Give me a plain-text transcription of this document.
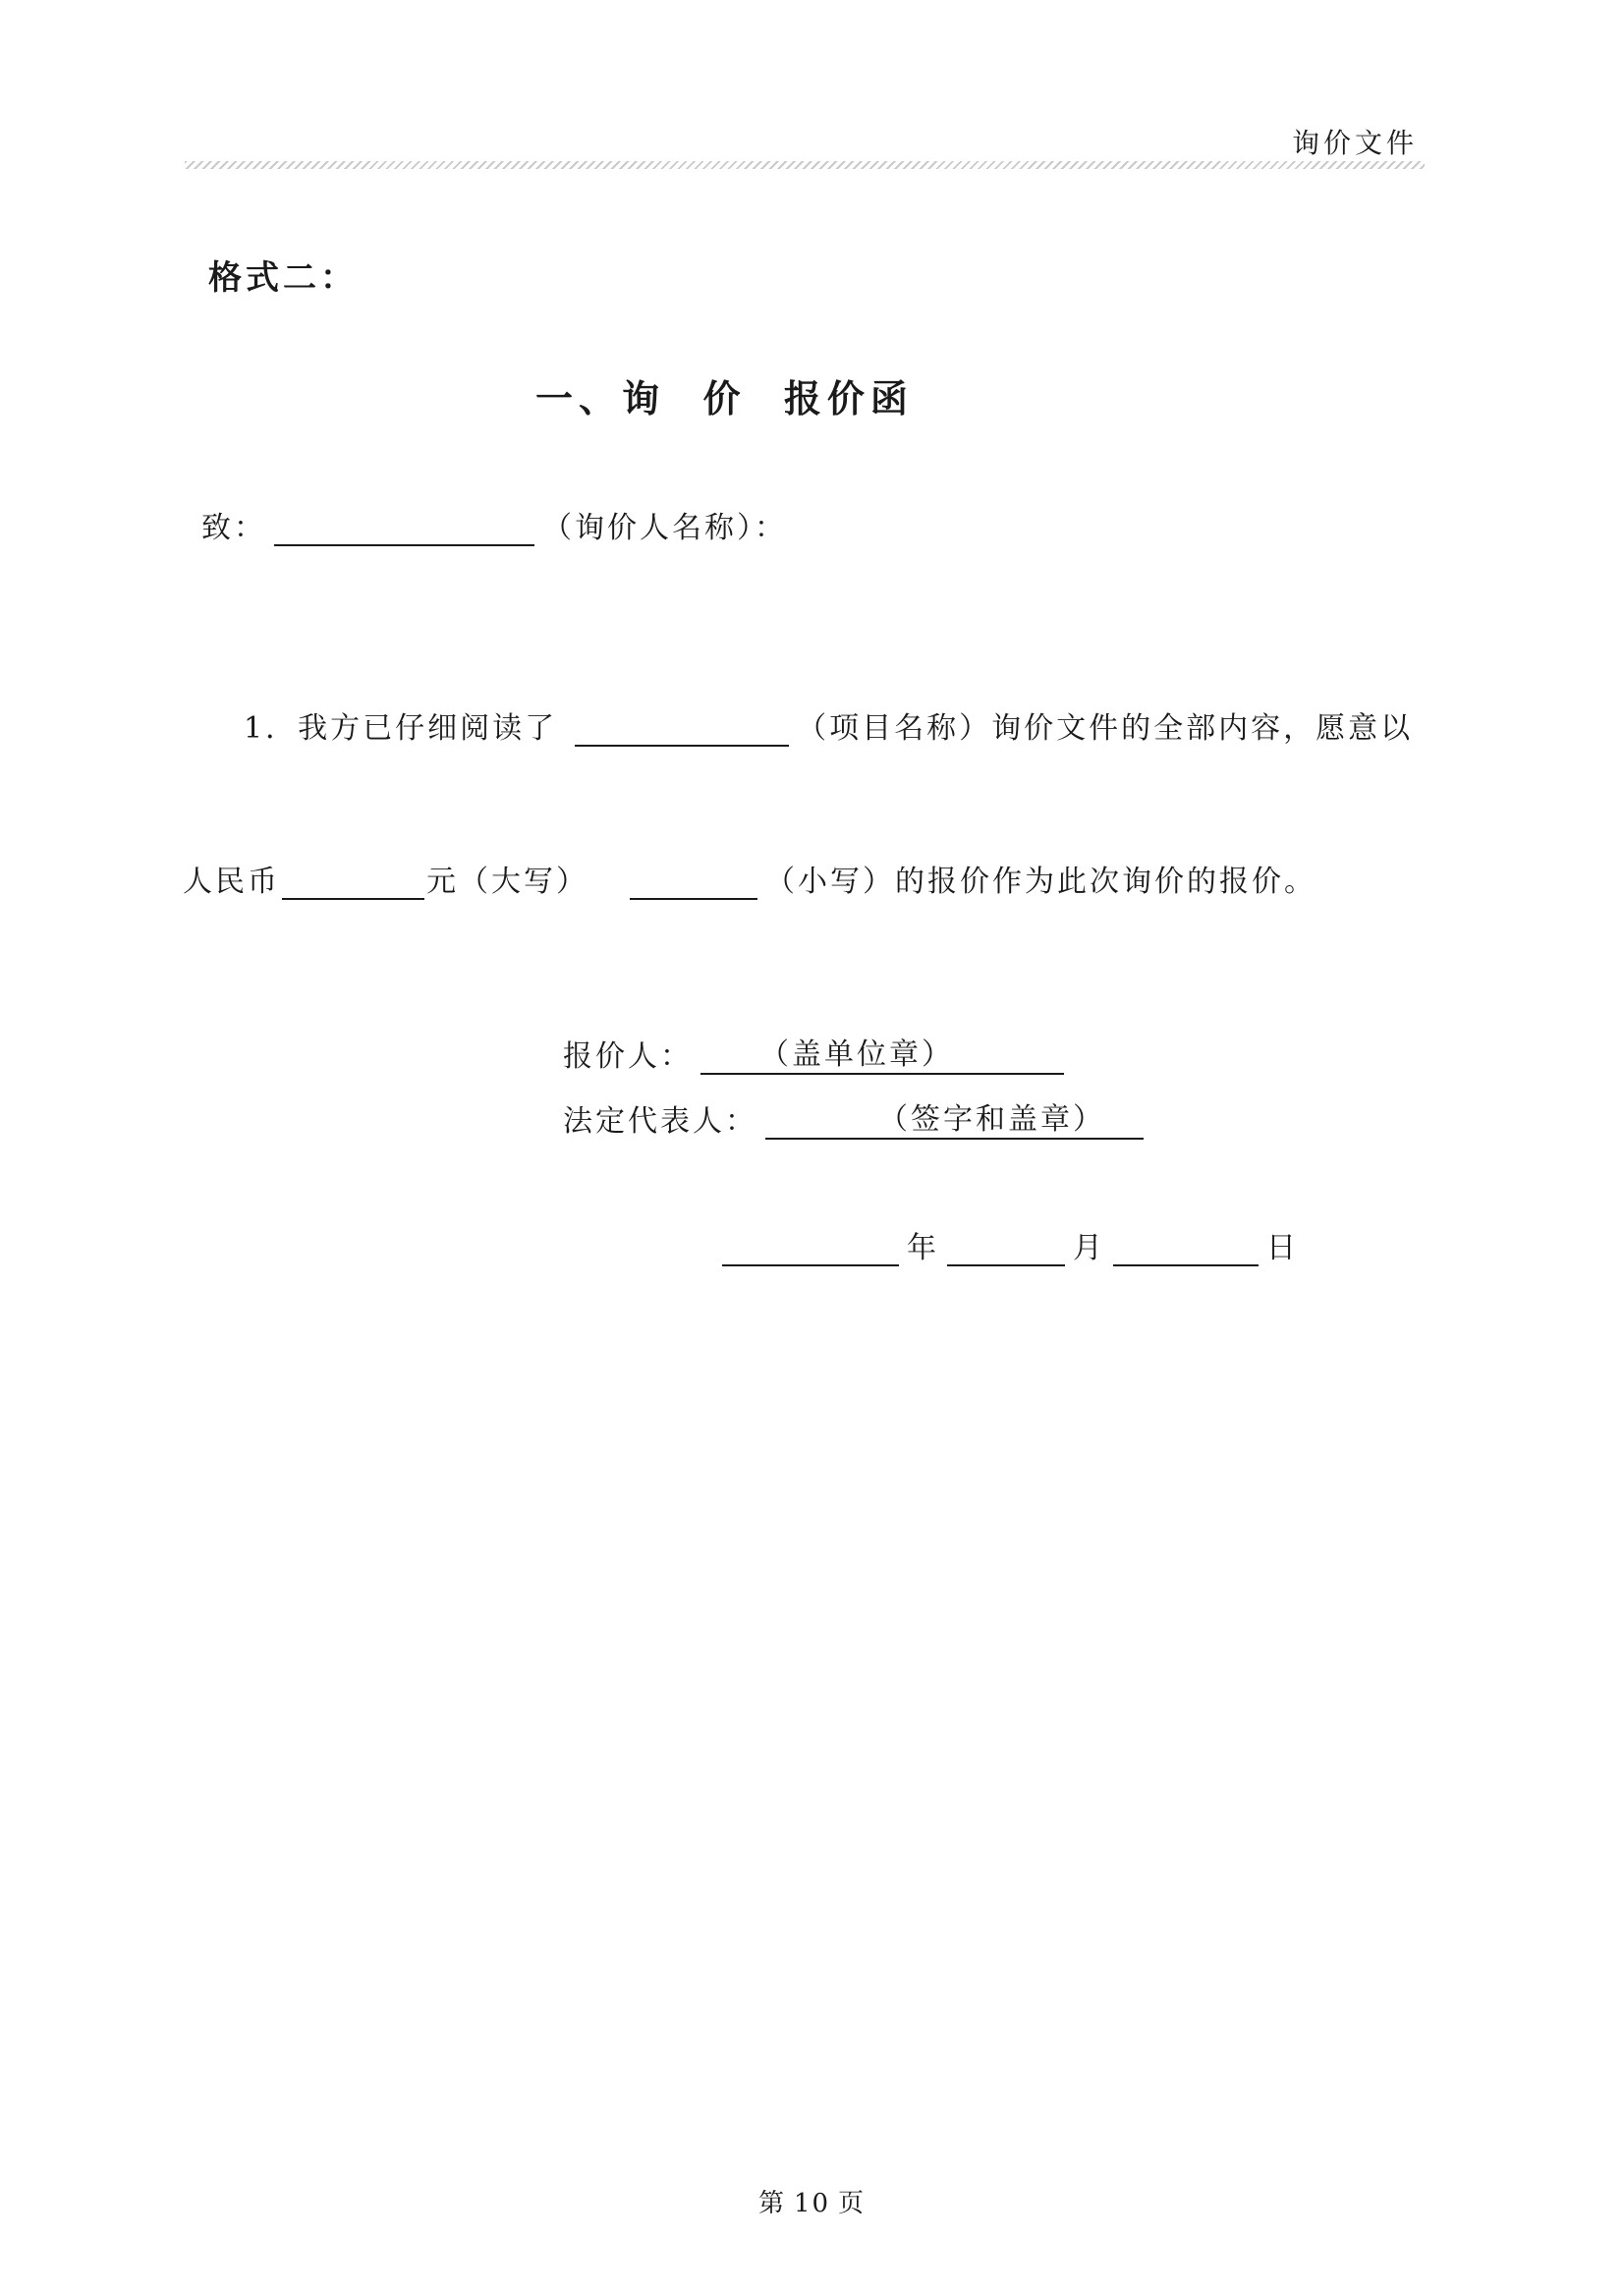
询价文件
格式二：
一、询  价  报价函
致：	（询价人名称）：
1．我方已仔细阅读了	（项目名称）询价文件的全部内容，愿意以
人民币	元（大写）	（小写）的报价作为此次询价的报价。
报价人：	（盖单位章）
法定代表人：	（签字和盖章）
年	月	日
第 10 页
